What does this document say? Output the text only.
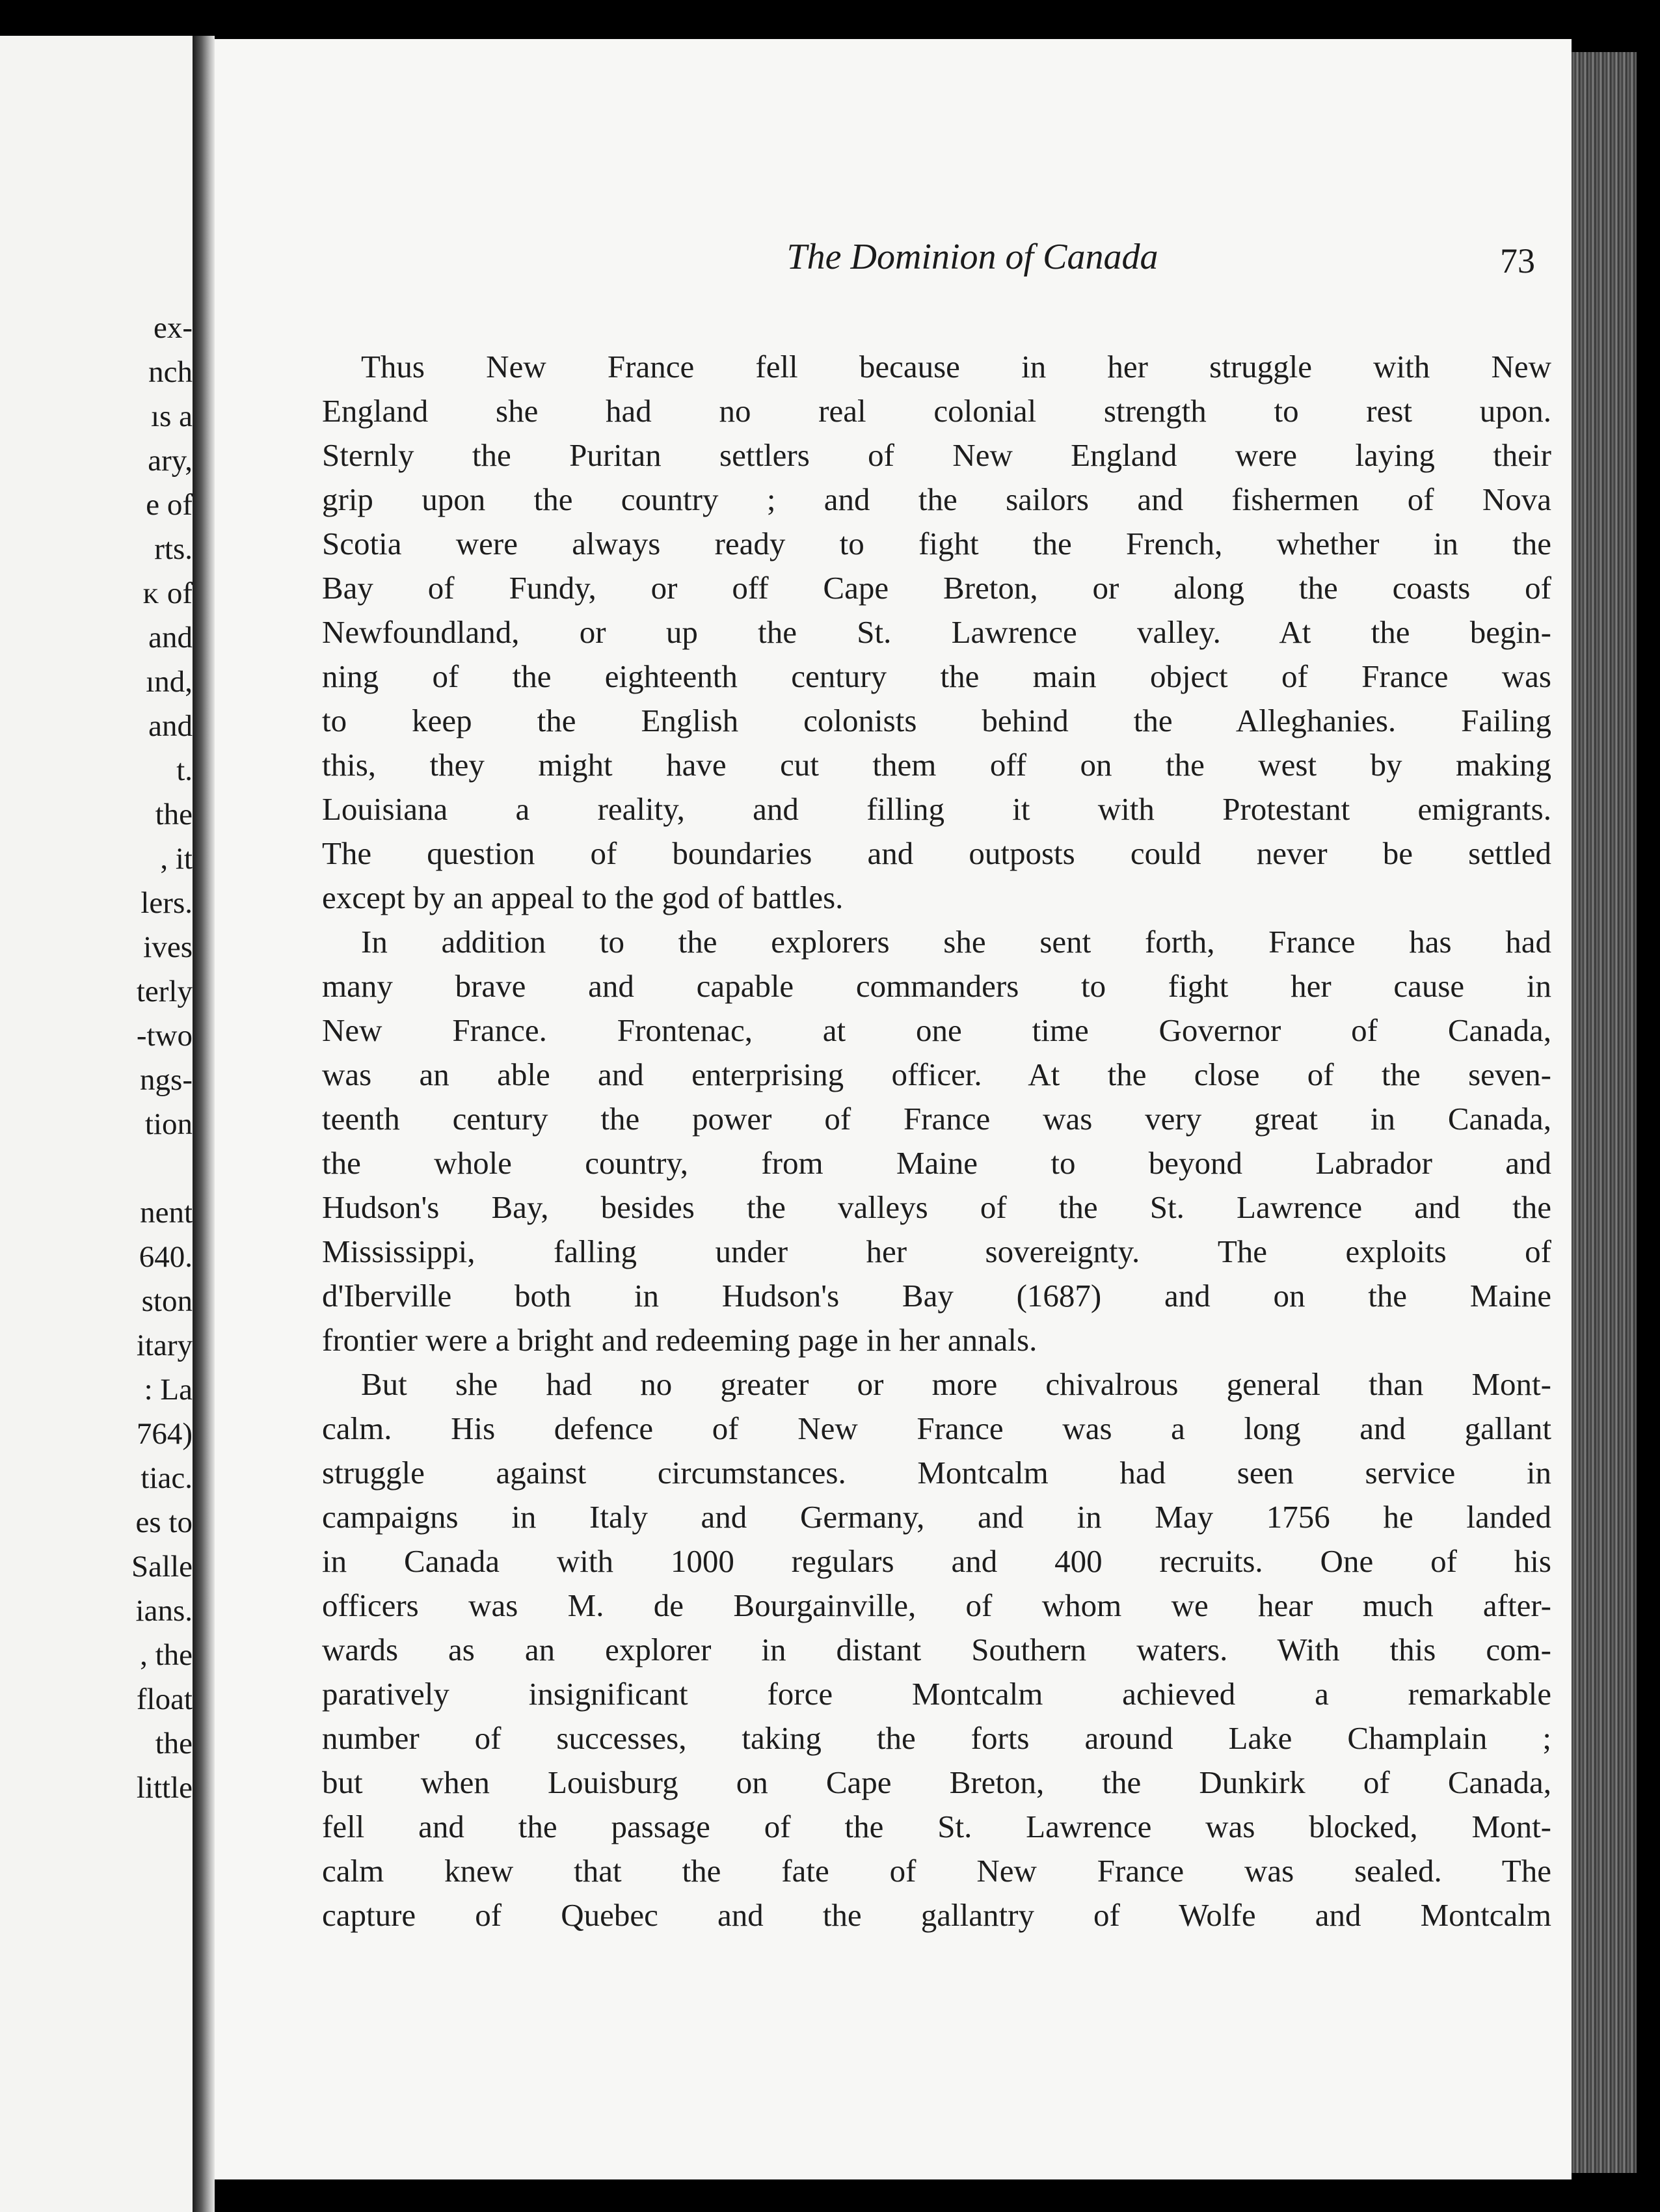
ex-

nch

ıs a

ary,

e of

rts.

ᴋ of

and

ınd,

and

t.

the

, it

lers.

ives

terly

-two

ngs-

tion

nent

640.

ston

itary

: La

764)

tiac.

es to

Salle

ians.

, the

float

the

little

The Dominion of Canada	73

Thus New France fell because in her struggle with New

England she had no real colonial strength to rest upon.

Sternly the Puritan settlers of New England were laying their

grip upon the country ; and the sailors and fishermen of Nova

Scotia were always ready to fight the French, whether in the

Bay of Fundy, or off Cape Breton, or along the coasts of

Newfoundland, or up the St. Lawrence valley. At the begin-

ning of the eighteenth century the main object of France was

to keep the English colonists behind the Alleghanies. Failing

this, they might have cut them off on the west by making

Louisiana a reality, and filling it with Protestant emigrants.

The question of boundaries and outposts could never be settled

except by an appeal to the god of battles.

In addition to the explorers she sent forth, France has had

many brave and capable commanders to fight her cause in

New France. Frontenac, at one time Governor of Canada,

was an able and enterprising officer. At the close of the seven-

teenth century the power of France was very great in Canada,

the whole country, from Maine to beyond Labrador and

Hudson's Bay, besides the valleys of the St. Lawrence and the

Mississippi, falling under her sovereignty. The exploits of

d'Iberville both in Hudson's Bay (1687) and on the Maine

frontier were a bright and redeeming page in her annals.

But she had no greater or more chivalrous general than Mont-

calm. His defence of New France was a long and gallant

struggle against circumstances. Montcalm had seen service in

campaigns in Italy and Germany, and in May 1756 he landed

in Canada with 1000 regulars and 400 recruits. One of his

officers was M. de Bourgainville, of whom we hear much after-

wards as an explorer in distant Southern waters. With this com-

paratively insignificant force Montcalm achieved a remarkable

number of successes, taking the forts around Lake Champlain ;

but when Louisburg on Cape Breton, the Dunkirk of Canada,

fell and the passage of the St. Lawrence was blocked, Mont-

calm knew that the fate of New France was sealed. The

capture of Quebec and the gallantry of Wolfe and Montcalm
